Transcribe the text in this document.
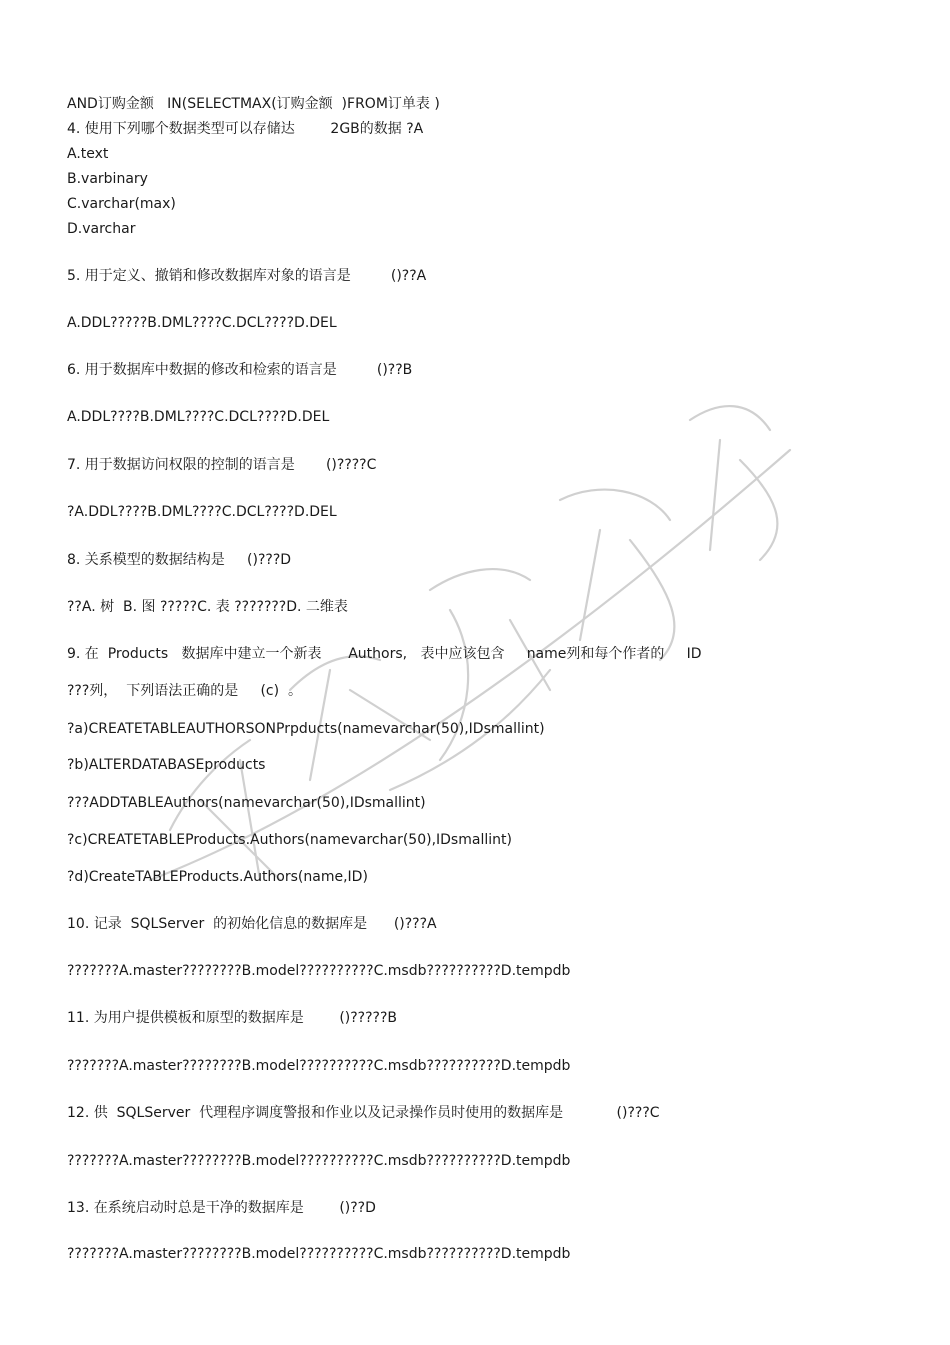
精品学习资料
AND订购金额   IN(SELECTMAX(订购金额  )FROM订单表 )
4. 使用下列哪个数据类型可以存储达        2GB的数据 ?A
A.text
B.varbinary
C.varchar(max)
D.varchar
5. 用于定义、撤销和修改数据库对象的语言是         ()??A
A.DDL?????B.DML????C.DCL????D.DEL
6. 用于数据库中数据的修改和检索的语言是         ()??B
A.DDL????B.DML????C.DCL????D.DEL
7. 用于数据访问权限的控制的语言是       ()????C
?A.DDL????B.DML????C.DCL????D.DEL
8. 关系模型的数据结构是     ()???D
??A. 树  B. 图 ?????C. 表 ???????D. 二维表
9. 在  Products   数据库中建立一个新表      Authors,   表中应该包含     name列和每个作者的     ID
???列，  下列语法正确的是     (c)  。
?a)CREATETABLEAUTHORSONPrpducts(namevarchar(50),IDsmallint)
?b)ALTERDATABASEproducts
???ADDTABLEAuthors(namevarchar(50),IDsmallint)
?c)CREATETABLEProducts.Authors(namevarchar(50),IDsmallint)
?d)CreateTABLEProducts.Authors(name,ID)
10. 记录  SQLServer  的初始化信息的数据库是      ()???A
???????A.master????????B.model??????????C.msdb??????????D.tempdb
11. 为用户提供模板和原型的数据库是        ()?????B
???????A.master????????B.model??????????C.msdb??????????D.tempdb
12. 供  SQLServer  代理程序调度警报和作业以及记录操作员时使用的数据库是            ()???C
???????A.master????????B.model??????????C.msdb??????????D.tempdb
13. 在系统启动时总是干净的数据库是        ()??D
???????A.master????????B.model??????????C.msdb??????????D.tempdb
